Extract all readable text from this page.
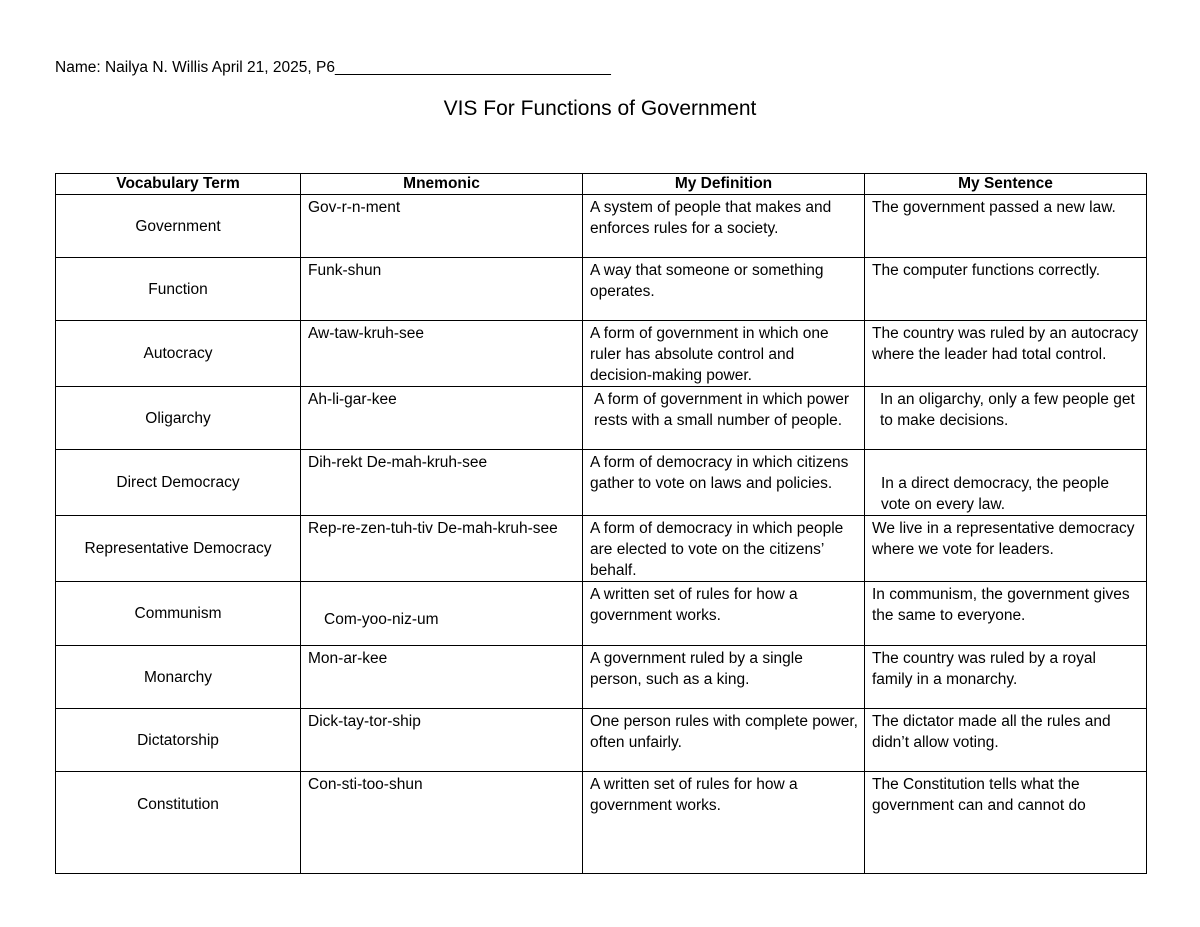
Name: Nailya N. Willis April 21, 2025, P6________________________________
VIS For Functions of Government
Vocabulary Term	Mnemonic	My Definition	My Sentence
Government	Gov-r-n-ment	A system of people that makes and enforces rules for a society.	The government passed a new law.
Function	Funk-shun	A way that someone or something operates.	The computer functions correctly.
Autocracy	Aw-taw-kruh-see	A form of government in which one ruler has absolute control and decision-making power.	The country was ruled by an autocracy where the leader had total control.
Oligarchy	Ah-li-gar-kee	A form of government in which power rests with a small number of people.	In an oligarchy, only a few people get to make decisions.

Direct Democracy	Dih-rekt De-mah-kruh-see	A form of democracy in which citizens gather to vote on laws and policies.	In a direct democracy, the people vote on every law.

Representative Democracy	Rep-re-zen-tuh-tiv De-mah-kruh-see	A form of democracy in which people are elected to vote on the citizens’ behalf.	We live in a representative democracy where we vote for leaders.
Communism	Com-yoo-niz-um	A written set of rules for how a government works.	In communism, the government gives the same to everyone.
Monarchy	Mon-ar-kee	A government ruled by a single person, such as a king.	The country was ruled by a royal family in a monarchy.
Dictatorship	Dick-tay-tor-ship	One person rules with complete power, often unfairly.	The dictator made all the rules and didn’t allow voting.
Constitution	Con-sti-too-shun	A written set of rules for how a government works.	The Constitution tells what the government can and cannot do
